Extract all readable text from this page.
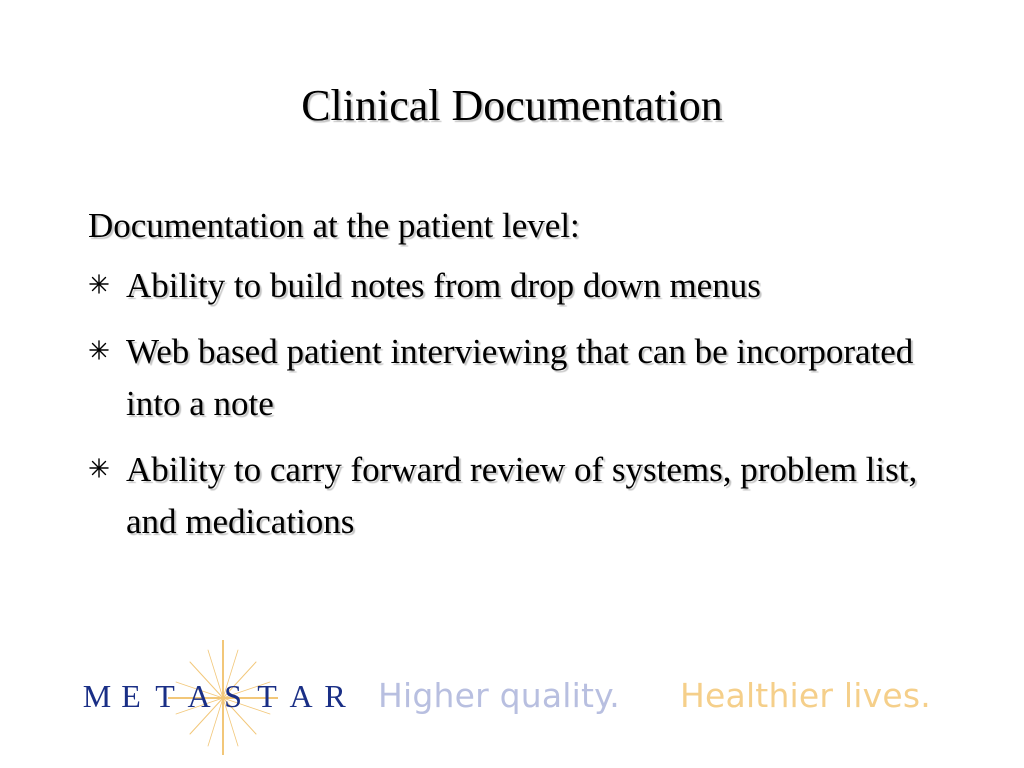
Clinical Documentation
Documentation at the patient level:
Ability to build notes from drop down menus
Web based patient interviewing that can be incorporated into a note
Ability to carry forward review of systems, problem list, and medications
M E T A S T A R Higher quality. Healthier lives.
